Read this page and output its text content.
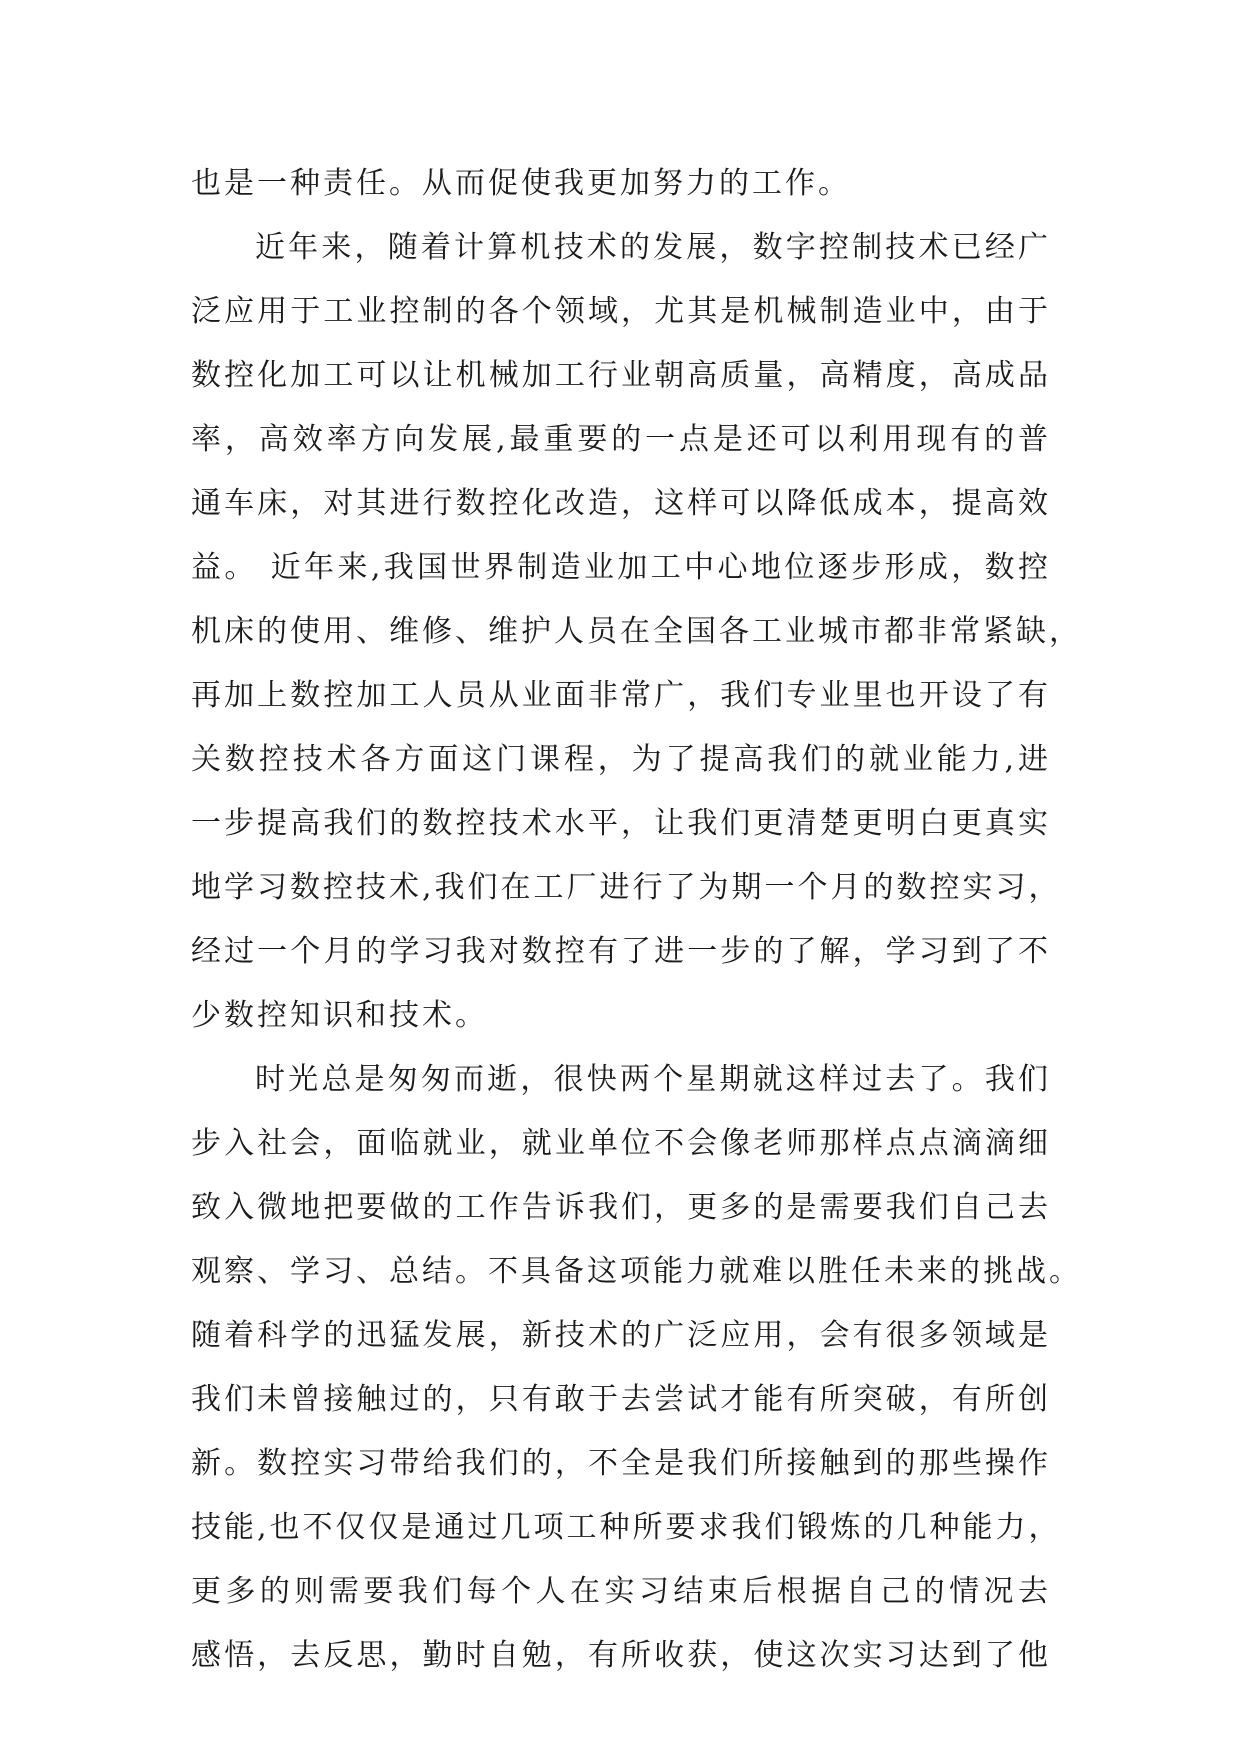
也是一种责任。从而促使我更加努力的工作。
近年来，随着计算机技术的发展，数字控制技术已经广
泛应用于工业控制的各个领域，尤其是机械制造业中，由于
数控化加工可以让机械加工行业朝高质量，高精度，高成品
率，高效率方向发展,最重要的一点是还可以利用现有的普
通车床，对其进行数控化改造，这样可以降低成本，提高效
益。 近年来,我国世界制造业加工中心地位逐步形成，数控
机床的使用、维修、维护人员在全国各工业城市都非常紧缺，
再加上数控加工人员从业面非常广，我们专业里也开设了有
关数控技术各方面这门课程，为了提高我们的就业能力,进
一步提高我们的数控技术水平，让我们更清楚更明白更真实
地学习数控技术,我们在工厂进行了为期一个月的数控实习，
经过一个月的学习我对数控有了进一步的了解，学习到了不
少数控知识和技术。
时光总是匆匆而逝，很快两个星期就这样过去了。我们
步入社会，面临就业，就业单位不会像老师那样点点滴滴细
致入微地把要做的工作告诉我们，更多的是需要我们自己去
观察、学习、总结。不具备这项能力就难以胜任未来的挑战。
随着科学的迅猛发展，新技术的广泛应用，会有很多领域是
我们未曾接触过的，只有敢于去尝试才能有所突破，有所创
新。数控实习带给我们的，不全是我们所接触到的那些操作
技能,也不仅仅是通过几项工种所要求我们锻炼的几种能力，
更多的则需要我们每个人在实习结束后根据自己的情况去
感悟，去反思，勤时自勉，有所收获，使这次实习达到了他
